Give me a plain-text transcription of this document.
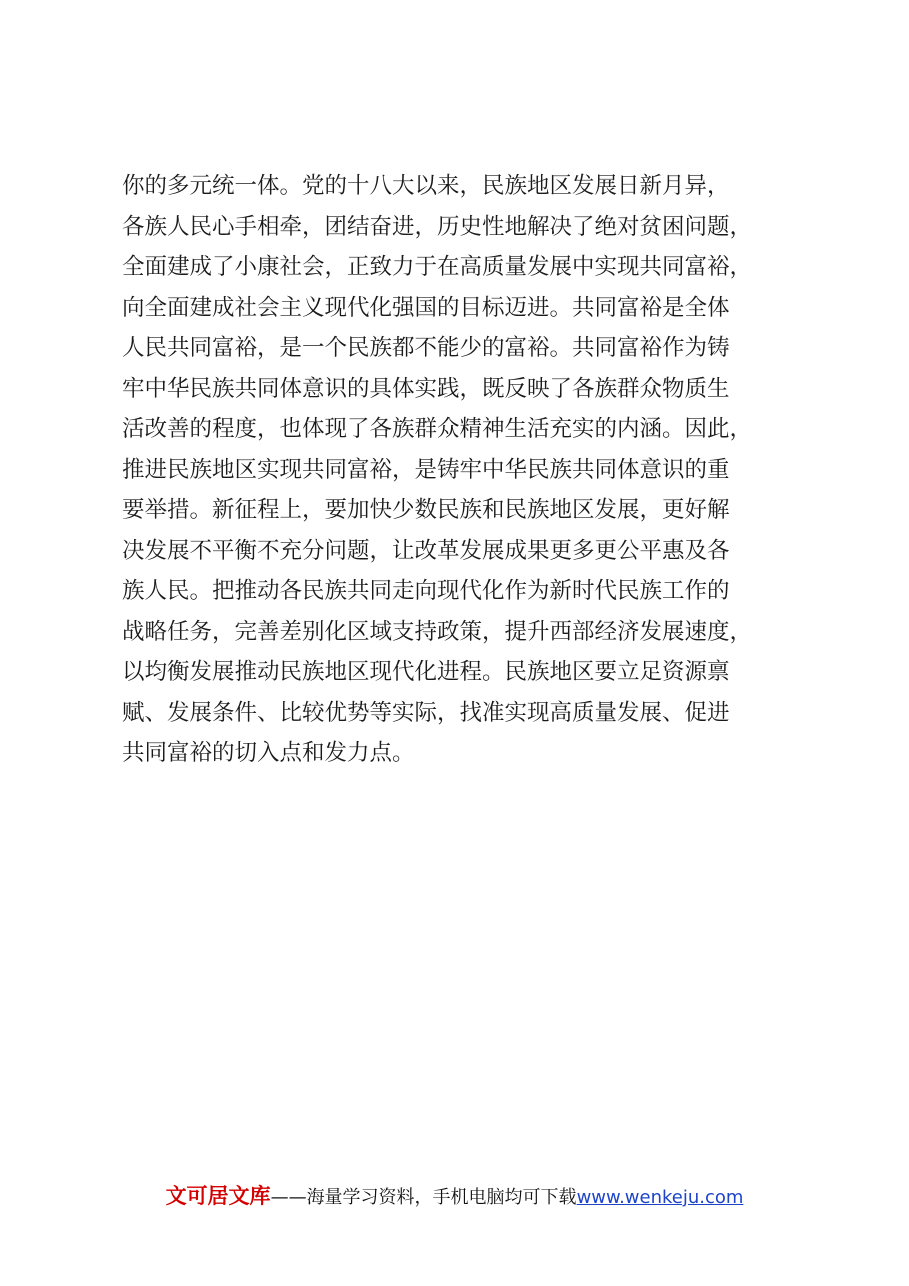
你的多元统一体。党的十八大以来，民族地区发展日新月异，
各族人民心手相牵，团结奋进，历史性地解决了绝对贫困问题，
全面建成了小康社会，正致力于在高质量发展中实现共同富裕，
向全面建成社会主义现代化强国的目标迈进。共同富裕是全体
人民共同富裕，是一个民族都不能少的富裕。共同富裕作为铸
牢中华民族共同体意识的具体实践，既反映了各族群众物质生
活改善的程度，也体现了各族群众精神生活充实的内涵。因此，
推进民族地区实现共同富裕，是铸牢中华民族共同体意识的重
要举措。新征程上，要加快少数民族和民族地区发展，更好解
决发展不平衡不充分问题，让改革发展成果更多更公平惠及各
族人民。把推动各民族共同走向现代化作为新时代民族工作的
战略任务，完善差别化区域支持政策，提升西部经济发展速度，
以均衡发展推动民族地区现代化进程。民族地区要立足资源禀
赋、发展条件、比较优势等实际，找准实现高质量发展、促进
共同富裕的切入点和发力点。
文可居文库——海量学习资料，手机电脑均可下载www.wenkeju.com
